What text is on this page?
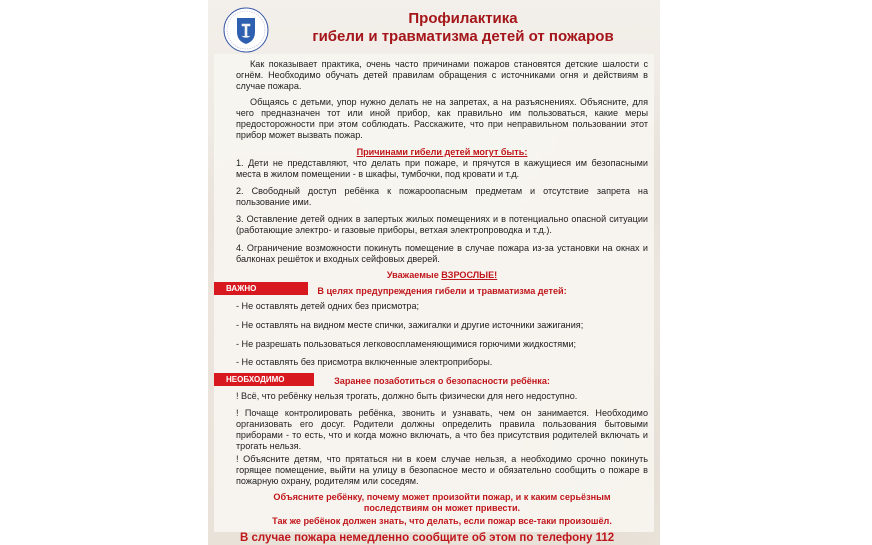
Профилактика
гибели и травматизма детей от пожаров
Как показывает практика, очень часто причинами пожаров становятся детские шалости с огнём. Необходимо обучать детей правилам обращения с источниками огня и действиям в случае пожара.
Общаясь с детьми, упор нужно делать не на запретах, а на разъяснениях. Объясните, для чего предназначен тот или иной прибор, как правильно им пользоваться, какие меры предосторожности при этом соблюдать. Расскажите, что при неправильном пользовании этот прибор может вызвать пожар.
Причинами гибели детей могут быть:
1. Дети не представляют, что делать при пожаре, и прячутся в кажущиеся им безопасными места в жилом помещении - в шкафы, тумбочки, под кровати и т.д.
2. Свободный доступ ребёнка к пожароопасным предметам и отсутствие запрета на пользование ими.
3. Оставление детей одних в запертых жилых помещениях и в потенциально опасной ситуации (работающие электро- и газовые приборы, ветхая электропроводка и т.д.).
4. Ограничение возможности покинуть помещение в случае пожара из-за установки на окнах и балконах решёток и входных сейфовых дверей.
Уважаемые ВЗРОСЛЫЕ!
ВАЖНО	В целях предупреждения гибели и травматизма детей:
- Не оставлять детей одних без присмотра;
- Не оставлять на видном месте спички, зажигалки и другие источники зажигания;
- Не разрешать пользоваться легковоспламеняющимися горючими жидкостями;
- Не оставлять без присмотра включенные электроприборы.
НЕОБХОДИМО	Заранее позаботиться о безопасности ребёнка:
! Всё, что ребёнку нельзя трогать, должно быть физически для него недоступно.
! Почаще контролировать ребёнка, звонить и узнавать, чем он занимается. Необходимо организовать его досуг. Родители должны определить правила пользования бытовыми приборами - то есть, что и когда можно включать, а что без присутствия родителей включать и трогать нельзя.
! Объясните детям, что прятаться ни в коем случае нельзя, а необходимо срочно покинуть горящее помещение, выйти на улицу в безопасное место и обязательно сообщить о пожаре в пожарную охрану, родителям или соседям.
Объясните ребёнку, почему может произойти пожар, и к каким серьёзным последствиям он может привести.
Так же ребёнок должен знать, что делать, если пожар все-таки произошёл.
В случае пожара немедленно сообщите об этом по телефону 112
